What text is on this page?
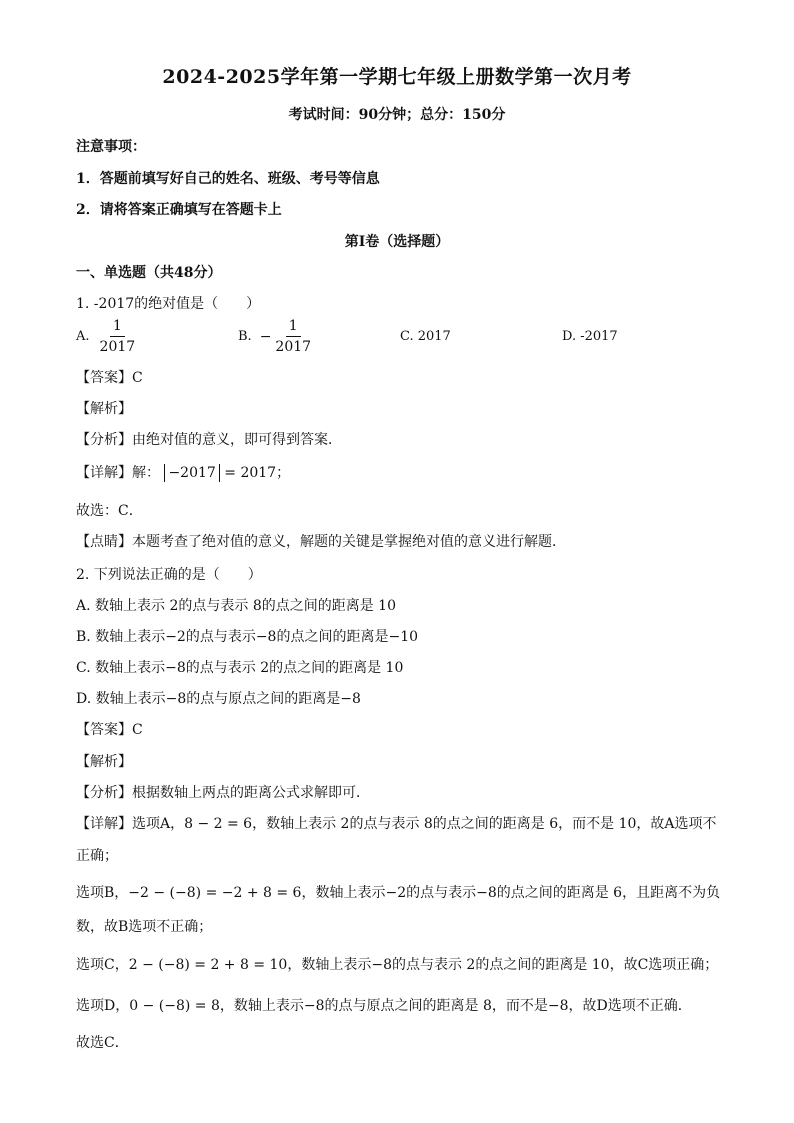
2024-2025学年第一学期七年级上册数学第一次月考
考试时间：90分钟；总分：150分
注意事项：
1．答题前填写好自己的姓名、班级、考号等信息
2．请将答案正确填写在答题卡上
第I卷（选择题）
一、单选题（共48分）
1. -2017的绝对值是（　　）
A. $\frac{1}{2017}$	B. − $\frac{1}{2017}$	C. 2017	D. -2017
【答案】C
【解析】
【分析】由绝对值的意义，即可得到答案．
【详解】解： −2017 = 2017；
故选：C．
【点睛】本题考查了绝对值的意义，解题的关键是掌握绝对值的意义进行解题．
2. 下列说法正确的是（　　）
A. 数轴上表示 2的点与表示 8的点之间的距离是 10
B. 数轴上表示−2的点与表示−8的点之间的距离是−10
C. 数轴上表示−8的点与表示 2的点之间的距离是 10
D. 数轴上表示−8的点与原点之间的距离是−8
【答案】C
【解析】
【分析】根据数轴上两点的距离公式求解即可．
【详解】选项A，8 − 2 = 6，数轴上表示 2的点与表示 8的点之间的距离是 6，而不是 10，故A选项不
正确；
选项B，−2 − (−8) = −2 + 8 = 6，数轴上表示−2的点与表示−8的点之间的距离是 6，且距离不为负
数，故B选项不正确；
选项C，2 − (−8) = 2 + 8 = 10，数轴上表示−8的点与表示 2的点之间的距离是 10，故C选项正确；
选项D，0 − (−8) = 8，数轴上表示−8的点与原点之间的距离是 8，而不是−8，故D选项不正确．
故选C．
